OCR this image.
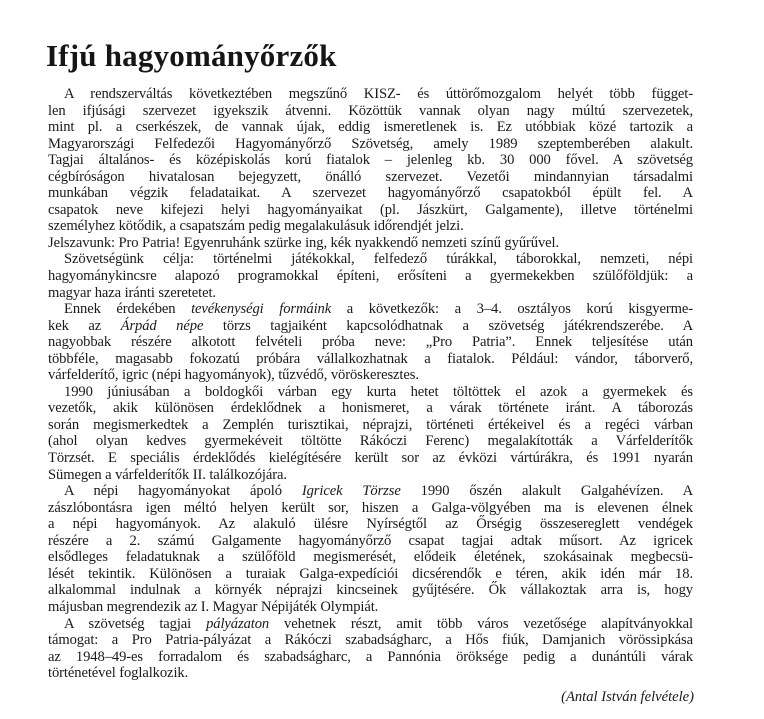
Ifjú hagyományőrzők
A rendszerváltás következtében megszűnő KISZ- és úttörőmozgalom helyét több függet-
len ifjúsági szervezet igyekszik átvenni. Közöttük vannak olyan nagy múltú szervezetek,
mint pl. a cserkészek, de vannak újak, eddig ismeretlenek is. Ez utóbbiak közé tartozik a
Magyarországi Felfedezői Hagyományőrző Szövetség, amely 1989 szeptemberében alakult.
Tagjai általános- és középiskolás korú fiatalok – jelenleg kb. 30 000 fővel. A szövetség
cégbíróságon hivatalosan bejegyzett, önálló szervezet. Vezetői mindannyian társadalmi
munkában végzik feladataikat. A szervezet hagyományőrző csapatokból épült fel. A
csapatok neve kifejezi helyi hagyományaikat (pl. Jászkürt, Galgamente), illetve történelmi
személyhez kötődik, a csapatszám pedig megalakulásuk időrendjét jelzi.
Jelszavunk: Pro Patria! Egyenruhánk szürke ing, kék nyakkendő nemzeti színű gyűrűvel.
Szövetségünk célja: történelmi játékokkal, felfedező túrákkal, táborokkal, nemzeti, népi
hagyománykincsre alapozó programokkal építeni, erősíteni a gyermekekben szülőföldjük: a
magyar haza iránti szeretetet.
Ennek érdekében tevékenységi formáink a következők: a 3–4. osztályos korú kisgyerme-
kek az Árpád népe törzs tagjaiként kapcsolódhatnak a szövetség játékrendszerébe. A
nagyobbak részére alkotott felvételi próba neve: „Pro Patria”. Ennek teljesítése után
többféle, magasabb fokozatú próbára vállalkozhatnak a fiatalok. Például: vándor, táborverő,
várfelderítő, igric (népi hagyományok), tűzvédő, vöröskeresztes.
1990 júniusában a boldogkői várban egy kurta hetet töltöttek el azok a gyermekek és
vezetők, akik különösen érdeklődnek a honismeret, a várak története iránt. A táborozás
során megismerkedtek a Zemplén turisztikai, néprajzi, történeti értékeivel és a regéci várban
(ahol olyan kedves gyermekéveit töltötte Rákóczi Ferenc) megalakították a Várfelderítők
Törzsét. E speciális érdeklődés kielégítésére került sor az évközi vártúrákra, és 1991 nyarán
Sümegen a várfelderítők II. találkozójára.
A népi hagyományokat ápoló Igricek Törzse 1990 őszén alakult Galgahévízen. A
zászlóbontásra igen méltó helyen került sor, hiszen a Galga-völgyében ma is elevenen élnek
a népi hagyományok. Az alakuló ülésre Nyírségtől az Őrségig összesereglett vendégek
részére a 2. számú Galgamente hagyományőrző csapat tagjai adtak műsort. Az igricek
elsődleges feladatuknak a szülőföld megismerését, elődeik életének, szokásainak megbecsü-
lését tekintik. Különösen a turaiak Galga-expedíciói dicsérendők e téren, akik idén már 18.
alkalommal indulnak a környék néprajzi kincseinek gyűjtésére. Ők vállakoztak arra is, hogy
májusban megrendezik az I. Magyar Népijáték Olympiát.
A szövetség tagjai pályázaton vehetnek részt, amit több város vezetősége alapítványokkal
támogat: a Pro Patria-pályázat a Rákóczi szabadságharc, a Hős fiúk, Damjanich vörössipkása
az 1948–49-es forradalom és szabadságharc, a Pannónia öröksége pedig a dunántúli várak
történetével foglalkozik.
(Antal István felvétele)
